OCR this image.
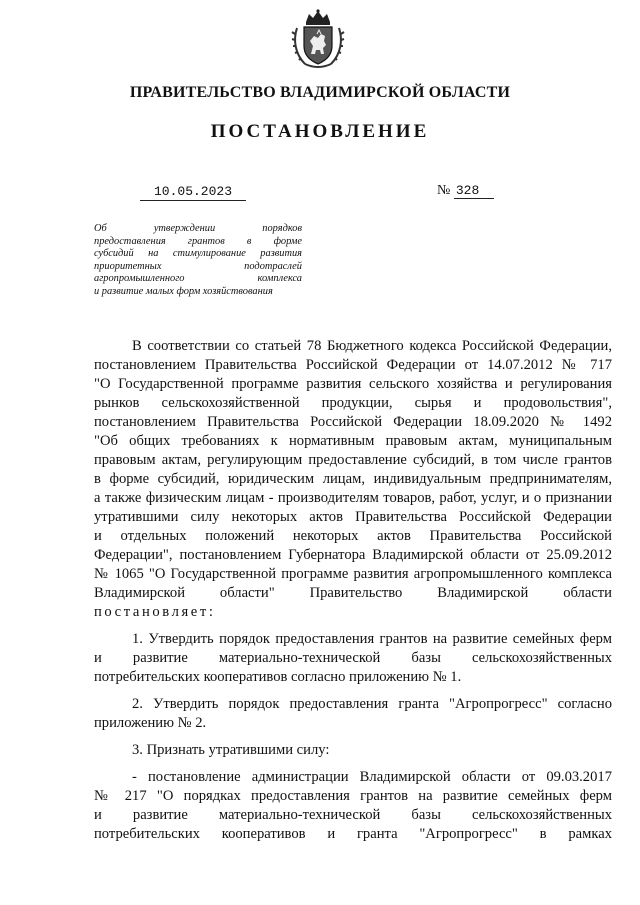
ПРАВИТЕЛЬСТВО ВЛАДИМИРСКОЙ ОБЛАСТИ
ПОСТАНОВЛЕНИЕ
10.05.2023	№ 328
Об утверждении порядков
предоставления грантов в форме
субсидий на стимулирование развития
приоритетных подотраслей
агропромышленного комплекса
и развитие малых форм хозяйствования

В соответствии со статьей 78 Бюджетного кодекса Российской Федерации,
постановлением Правительства Российской Федерации от 14.07.2012 № 717
"О Государственной программе развития сельского хозяйства и регулирования
рынков сельскохозяйственной продукции, сырья и продовольствия",
постановлением Правительства Российской Федерации 18.09.2020 № 1492
"Об общих требованиях к нормативным правовым актам, муниципальным
правовым актам, регулирующим предоставление субсидий, в том числе грантов
в форме субсидий, юридическим лицам, индивидуальным предпринимателям,
а также физическим лицам - производителям товаров, работ, услуг, и о признании
утратившими силу некоторых актов Правительства Российской Федерации
и отдельных положений некоторых актов Правительства Российской
Федерации", постановлением Губернатора Владимирской области от 25.09.2012
№ 1065 "О Государственной программе развития агропромышленного комплекса
Владимирской области" Правительство Владимирской области
постановляет:

1. Утвердить порядок предоставления грантов на развитие семейных ферм
и развитие материально-технической базы сельскохозяйственных
потребительских кооперативов согласно приложению № 1.

2. Утвердить порядок предоставления гранта "Агропрогресс" согласно
приложению № 2.

3. Признать утратившими силу:

- постановление администрации Владимирской области от 09.03.2017
№ 217 "О порядках предоставления грантов на развитие семейных ферм
и развитие материально-технической базы сельскохозяйственных
потребительских кооперативов и гранта "Агропрогресс" в рамках
